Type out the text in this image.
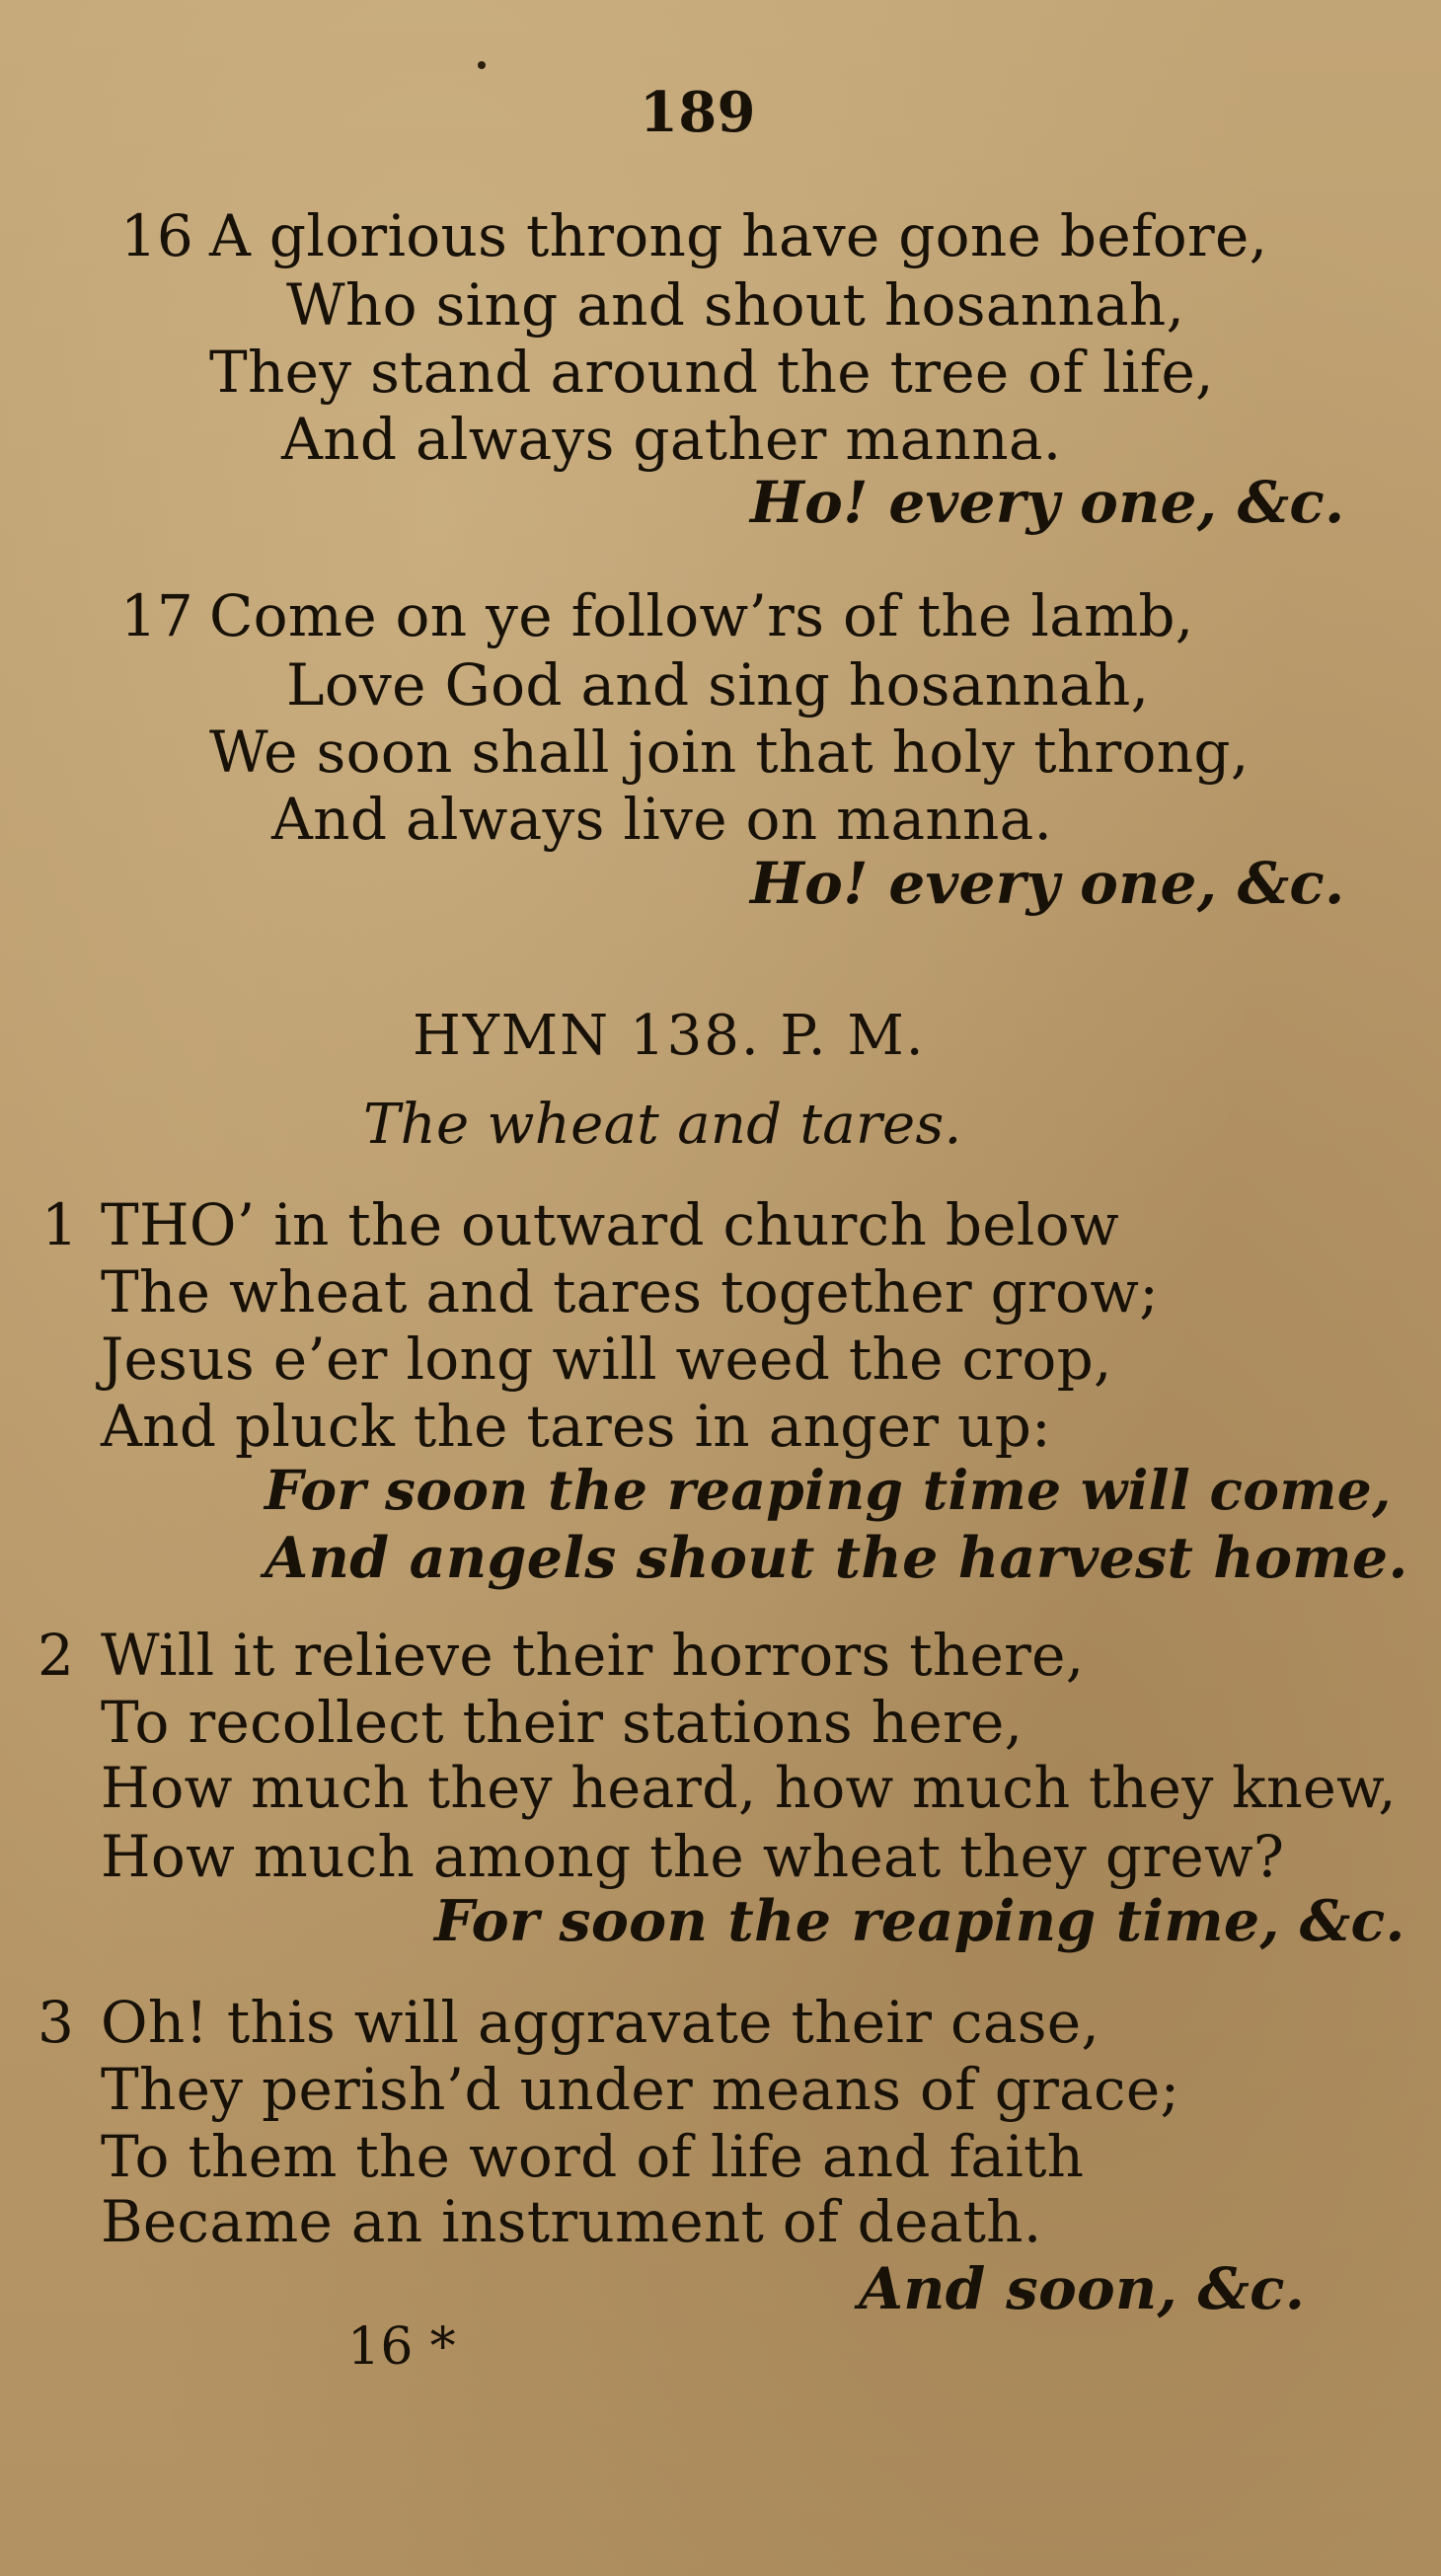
189
16 A glorious throng have gone before,
Who sing and shout hosannah,
They stand around the tree of life,
And always gather manna.
Ho! every one, &c.
17 Come on ye follow’rs of the lamb,
Love God and sing hosannah,
We soon shall join that holy throng,
And always live on manna.
Ho! every one, &c.
HYMN 138. P. M.
The wheat and tares.
1 THO’ in the outward church below
The wheat and tares together grow;
Jesus e’er long will weed the crop,
And pluck the tares in anger up:
For soon the reaping time will come,
And angels shout the harvest home.
2 Will it relieve their horrors there,
To recollect their stations here,
How much they heard, how much they knew,
How much among the wheat they grew?
For soon the reaping time, &c.
3 Oh! this will aggravate their case,
They perish’d under means of grace;
To them the word of life and faith
Became an instrument of death.
And soon, &c.
16 *
